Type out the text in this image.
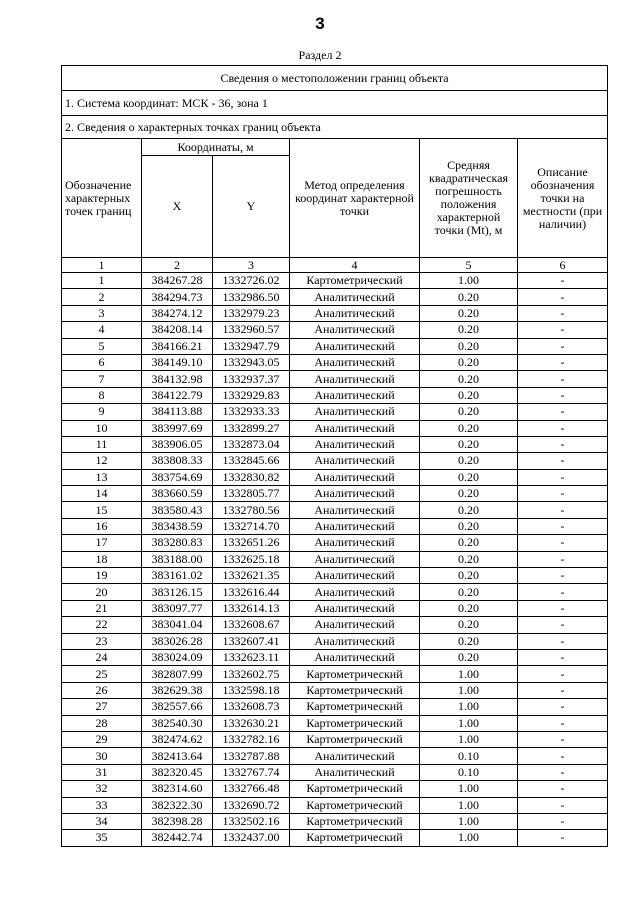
3
Раздел 2
Сведения о местоположении границ объекта					
1. Система координат: МСК - 36, зона 1					
2. Сведения о характерных точках границ объекта					
Обозначение характерных точек границ	Координаты, м		Метод определения координат характерной точки	Средняя квадратическая погрешность положения характерной точки (Mt), м	Описание обозначения точки на местности (при наличии)
	X	Y			
1	2	3	4	5	6
1	384267.28	1332726.02	Картометрический	1.00	-
2	384294.73	1332986.50	Аналитический	0.20	-
3	384274.12	1332979.23	Аналитический	0.20	-
4	384208.14	1332960.57	Аналитический	0.20	-
5	384166.21	1332947.79	Аналитический	0.20	-
6	384149.10	1332943.05	Аналитический	0.20	-
7	384132.98	1332937.37	Аналитический	0.20	-
8	384122.79	1332929.83	Аналитический	0.20	-
9	384113.88	1332933.33	Аналитический	0.20	-
10	383997.69	1332899.27	Аналитический	0.20	-
11	383906.05	1332873.04	Аналитический	0.20	-
12	383808.33	1332845.66	Аналитический	0.20	-
13	383754.69	1332830.82	Аналитический	0.20	-
14	383660.59	1332805.77	Аналитический	0.20	-
15	383580.43	1332780.56	Аналитический	0.20	-
16	383438.59	1332714.70	Аналитический	0.20	-
17	383280.83	1332651.26	Аналитический	0.20	-
18	383188.00	1332625.18	Аналитический	0.20	-
19	383161.02	1332621.35	Аналитический	0.20	-
20	383126.15	1332616.44	Аналитический	0.20	-
21	383097.77	1332614.13	Аналитический	0.20	-
22	383041.04	1332608.67	Аналитический	0.20	-
23	383026.28	1332607.41	Аналитический	0.20	-
24	383024.09	1332623.11	Аналитический	0.20	-
25	382807.99	1332602.75	Картометрический	1.00	-
26	382629.38	1332598.18	Картометрический	1.00	-
27	382557.66	1332608.73	Картометрический	1.00	-
28	382540.30	1332630.21	Картометрический	1.00	-
29	382474.62	1332782.16	Картометрический	1.00	-
30	382413.64	1332787.88	Аналитический	0.10	-
31	382320.45	1332767.74	Аналитический	0.10	-
32	382314.60	1332766.48	Картометрический	1.00	-
33	382322.30	1332690.72	Картометрический	1.00	-
34	382398.28	1332502.16	Картометрический	1.00	-
35	382442.74	1332437.00	Картометрический	1.00	-
